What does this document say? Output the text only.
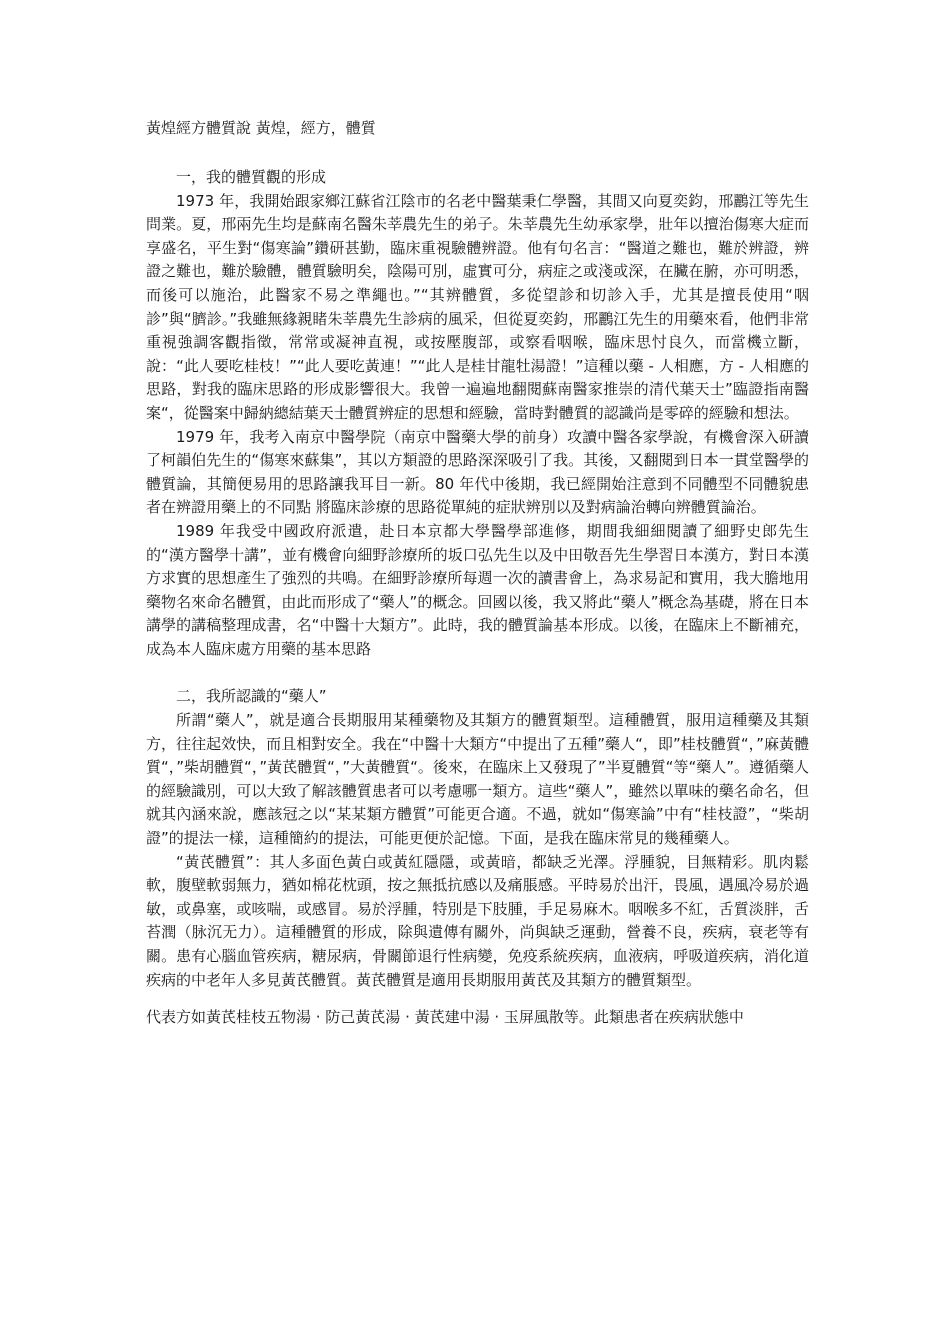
黃煌經方體質說 黃煌，經方，體質

一，我的體質觀的形成

1973 年，我開始跟家鄉江蘇省江陰市的名老中醫葉秉仁學醫，其間又向夏奕鈞，邢鸝江等先生問業。夏，邢兩先生均是蘇南名醫朱莘農先生的弟子。朱莘農先生幼承家學，壯年以擅治傷寒大症而享盛名，平生對“傷寒論”鑽研甚勤，臨床重視驗體辨證。他有句名言：“醫道之難也，難於辨證，辨證之難也，難於驗體，體質驗明矣，陰陽可別，虛實可分，病症之或淺或深，在臟在腑，亦可明悉，而後可以施治，此醫家不易之準繩也。”“其辨體質，多從望診和切診入手，尤其是擅長使用“咽診”與“臍診。”我雖無緣親睹朱莘農先生診病的風采，但從夏奕鈞，邢鸝江先生的用藥來看，他們非常重視強調客觀指徵，常常或凝神直視，或按壓腹部，或察看咽喉，臨床思忖良久，而當機立斷，說：“此人要吃桂枝！”“此人要吃黃連！”“此人是桂甘龍牡湯證！”這種以藥 - 人相應，方 - 人相應的思路，對我的臨床思路的形成影響很大。我曾一遍遍地翻閱蘇南醫家推崇的清代葉天士”臨證指南醫案“，從醫案中歸納總結葉天士體質辨症的思想和經驗，當時對體質的認識尚是零碎的經驗和想法。

1979 年，我考入南京中醫學院（南京中醫藥大學的前身）攻讀中醫各家學說，有機會深入研讀了柯韻伯先生的“傷寒來蘇集”，其以方類證的思路深深吸引了我。其後，又翻閱到日本一貫堂醫學的體質論，其簡便易用的思路讓我耳目一新。80 年代中後期，我已經開始注意到不同體型不同體貌患者在辨證用藥上的不同點 將臨床診療的思路從單純的症狀辨別以及對病論治轉向辨體質論治。

1989 年我受中國政府派遣，赴日本京都大學醫學部進修，期間我細細閱讀了細野史郎先生的“漢方醫學十講”，並有機會向細野診療所的坂口弘先生以及中田敬吾先生學習日本漢方，對日本漢方求實的思想產生了強烈的共鳴。在細野診療所每週一次的讀書會上，為求易記和實用，我大膽地用藥物名來命名體質，由此而形成了“藥人”的概念。回國以後，我又將此“藥人”概念為基礎，將在日本講學的講稿整理成書，名“中醫十大類方”。此時，我的體質論基本形成。以後，在臨床上不斷補充，成為本人臨床處方用藥的基本思路

二，我所認識的“藥人”

所謂“藥人”，就是適合長期服用某種藥物及其類方的體質類型。這種體質，服用這種藥及其類方，往往起效快，而且相對安全。我在“中醫十大類方“中提出了五種”藥人“，即”桂枝體質“，”麻黃體質“，”柴胡體質“，”黃芪體質“，”大黃體質“。後來，在臨床上又發現了”半夏體質“等“藥人”。遵循藥人的經驗識別，可以大致了解該體質患者可以考慮哪一類方。這些“藥人”，雖然以單味的藥名命名，但就其內涵來說，應該冠之以“某某類方體質”可能更合適。不過，就如“傷寒論”中有“桂枝證”，“柴胡證”的提法一樣，這種簡約的提法，可能更便於記憶。下面，是我在臨床常見的幾種藥人。

“黃芪體質”：其人多面色黃白或黃紅隱隱，或黃暗，都缺乏光澤。浮腫貌，目無精彩。肌肉鬆軟，腹壁軟弱無力，猶如棉花枕頭，按之無抵抗感以及痛脹感。平時易於出汗，畏風，遇風冷易於過敏，或鼻塞，或咳喘，或感冒。易於浮腫，特別是下肢腫，手足易麻木。咽喉多不紅，舌質淡胖，舌苔潤（脉沉无力）。這種體質的形成，除與遺傳有關外，尚與缺乏運動，營養不良，疾病，衰老等有關。患有心腦血管疾病，糖尿病，骨關節退行性病變，免疫系統疾病，血液病，呼吸道疾病，消化道疾病的中老年人多見黃芪體質。黃芪體質是適用長期服用黃芪及其類方的體質類型。

代表方如黃芪桂枝五物湯 · 防己黃芪湯 · 黃芪建中湯 · 玉屏風散等。此類患者在疾病狀態中
